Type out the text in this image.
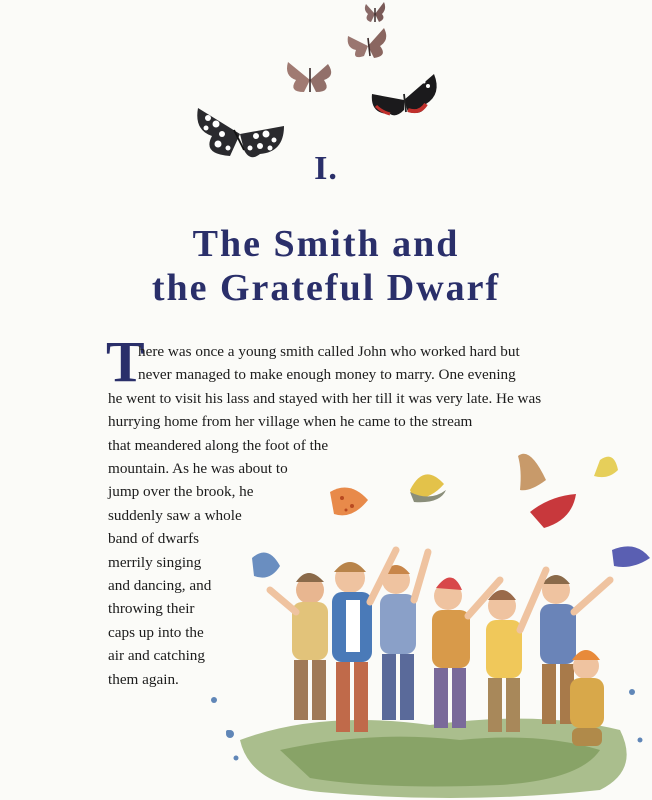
I.
The Smith and
the Grateful Dwarf
T
here was once a young smith called John who worked hard but
never managed to make enough money to marry. One evening
he went to visit his lass and stayed with her till it was very late. He was
hurrying home from her village when he came to the stream
that meandered along the foot of the
mountain. As he was about to
jump over the brook, he
suddenly saw a whole
band of dwarfs
merrily singing
and dancing, and
throwing their
caps up into the
air and catching
them again.
